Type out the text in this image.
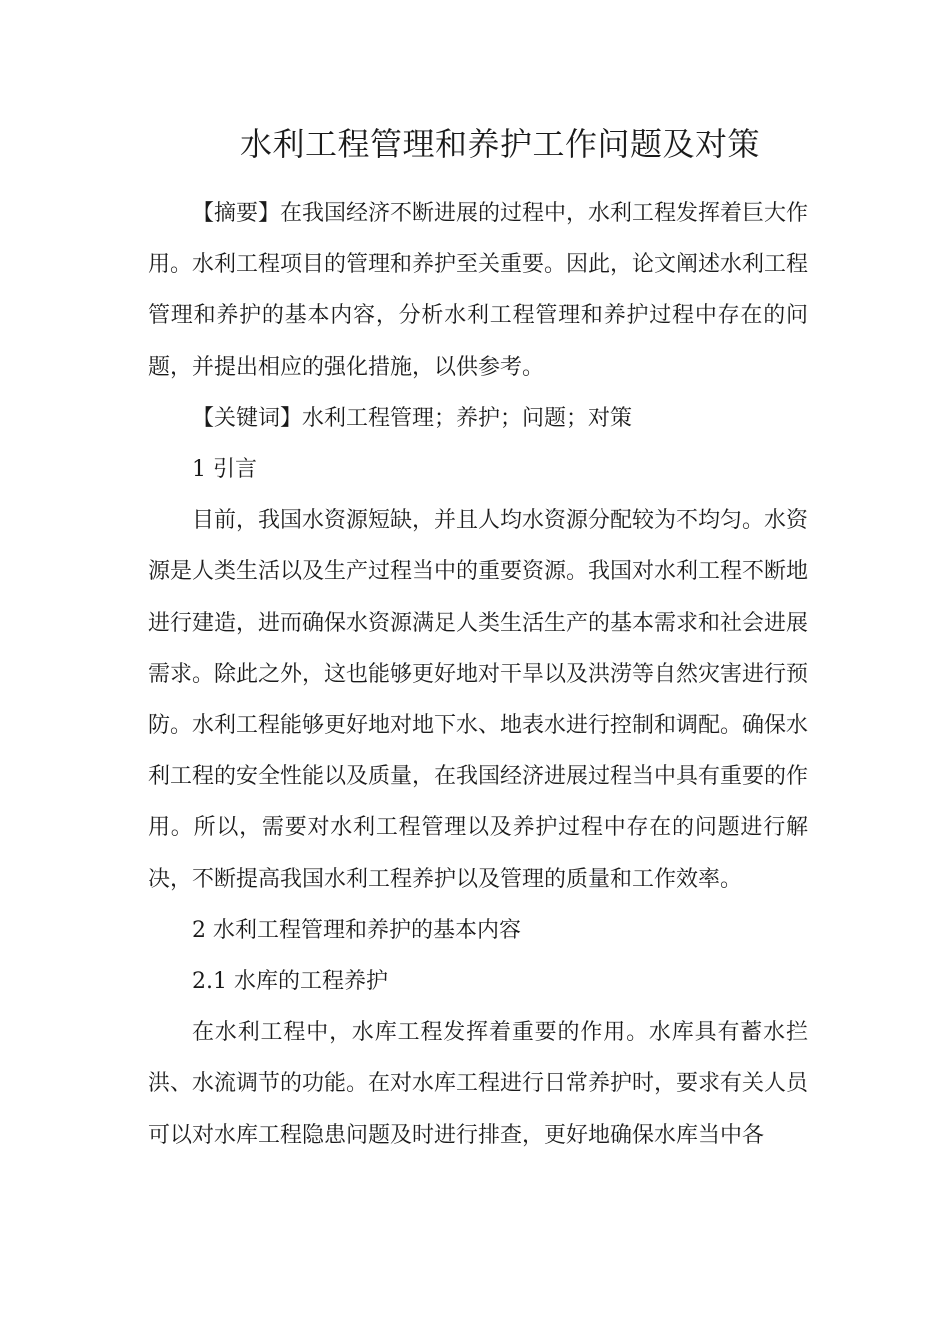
水利工程管理和养护工作问题及对策

【摘要】在我国经济不断进展的过程中，水利工程发挥着巨大作用。水利工程项目的管理和养护至关重要。因此，论文阐述水利工程管理和养护的基本内容，分析水利工程管理和养护过程中存在的问题，并提出相应的强化措施，以供参考。

【关键词】水利工程管理；养护；问题；对策

1 引言

目前，我国水资源短缺，并且人均水资源分配较为不均匀。水资源是人类生活以及生产过程当中的重要资源。我国对水利工程不断地进行建造，进而确保水资源满足人类生活生产的基本需求和社会进展需求。除此之外，这也能够更好地对干旱以及洪涝等自然灾害进行预防。水利工程能够更好地对地下水、地表水进行控制和调配。确保水利工程的安全性能以及质量，在我国经济进展过程当中具有重要的作用。所以，需要对水利工程管理以及养护过程中存在的问题进行解决，不断提高我国水利工程养护以及管理的质量和工作效率。

2 水利工程管理和养护的基本内容

2.1 水库的工程养护

在水利工程中，水库工程发挥着重要的作用。水库具有蓄水拦洪、水流调节的功能。在对水库工程进行日常养护时，要求有关人员可以对水库工程隐患问题及时进行排查，更好地确保水库当中各
